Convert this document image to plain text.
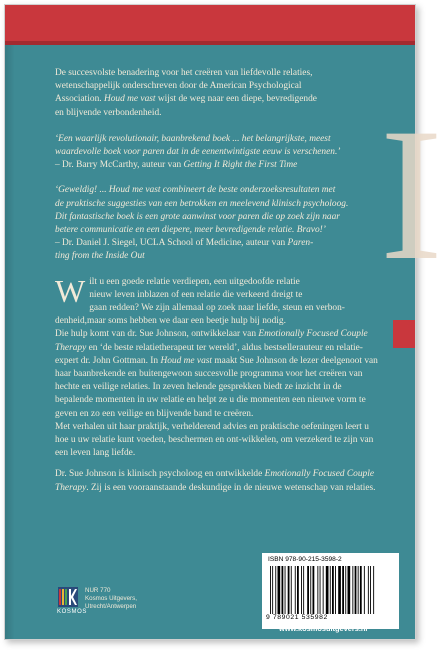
I

De succesvolste benadering voor het creëren van liefdevolle relaties,
wetenschappelijk onderschreven door de American Psychological
Association. Houd me vast wijst de weg naar een diepe, bevredigende
en blijvende verbondenheid.

‘Een waarlijk revolutionair, baanbrekend boek ... het belangrijkste, meest
waardevolle boek voor paren dat in de eenentwintigste eeuw is verschenen.’
– Dr. Barry McCarthy, auteur van Getting It Right the First Time

‘Geweldig! ... Houd me vast combineert de beste onderzoeksresultaten met
de praktische suggesties van een betrokken en meelevend klinisch psycholoog.
Dit fantastische boek is een grote aanwinst voor paren die op zoek zijn naar
betere communicatie en een diepere, meer bevredigende relatie. Bravo!’
– Dr. Daniel J. Siegel, UCLA School of Medicine, auteur van Paren-
ting from the Inside Out

Wilt u een goede relatie verdiepen, een uitgedoofde relatie
nieuw leven inblazen of een relatie die verkeerd dreigt te
gaan redden? We zijn allemaal op zoek naar liefde, steun en verbon-
denheid,maar soms hebben we daar een beetje hulp bij nodig.

Die hulp komt van dr. Sue Johnson, ontwikkelaar van Emotionally Focused Couple Therapy en ‘de beste relatietherapeut ter wereld’, aldus bestsellerauteur en relatie-expert dr. John Gottman. In Houd me vast maakt Sue Johnson de lezer deelgenoot van haar baanbrekende en buitengewoon succesvolle programma voor het creëren van hechte en veilige relaties. In zeven helende gesprekken biedt ze inzicht in de bepalende momenten in uw relatie en helpt ze u die momenten een nieuwe vorm te geven en zo een veilige en blijvende band te creëren.

Met verhalen uit haar praktijk, verhelderend advies en praktische oefeningen leert u hoe u uw relatie kunt voeden, beschermen en ont-wikkelen, om verzekerd te zijn van een leven lang liefde.

Dr. Sue Johnson is klinisch psycholoog en ontwikkelde Emotionally Focused Couple Therapy. Zij is een vooraanstaande deskundige in de nieuwe wetenschap van relaties.

KOSMOS
NUR 770
Kosmos Uitgevers,
Utrecht/Antwerpen
ISBN 978-90-215-3598-2
9 789021 535982
www.kosmosuitgevers.nl
